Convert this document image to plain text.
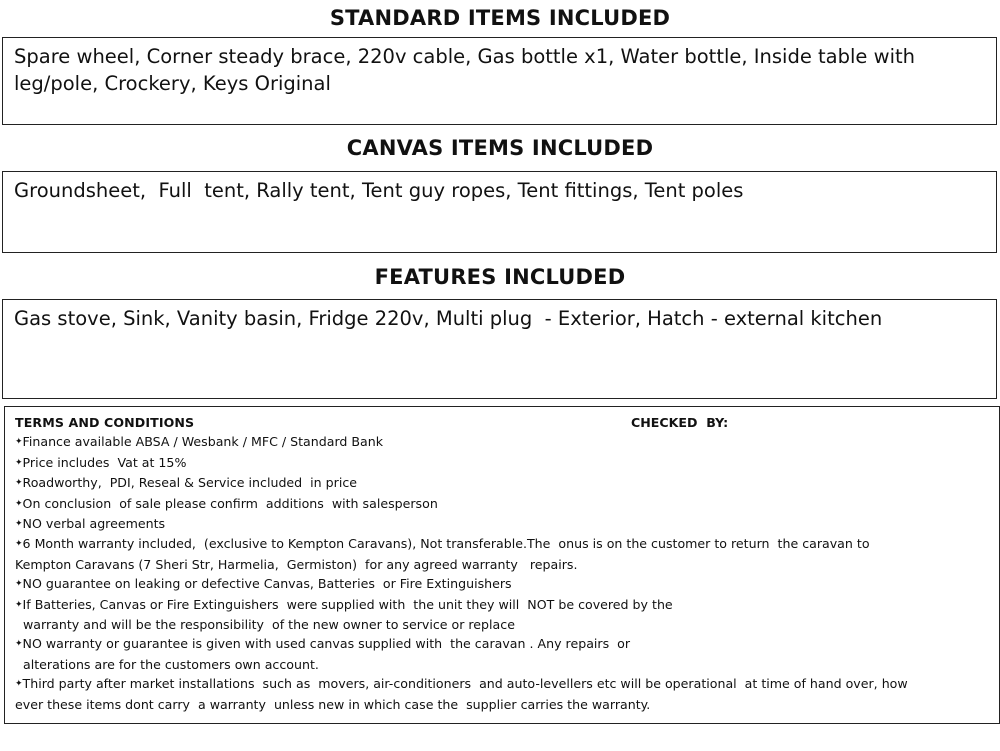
STANDARD ITEMS INCLUDED
Spare wheel, Corner steady brace, 220v cable, Gas bottle x1, Water bottle, Inside table with
leg/pole, Crockery, Keys Original
CANVAS ITEMS INCLUDED
Groundsheet,  Full  tent, Rally tent, Tent guy ropes, Tent fittings, Tent poles
FEATURES INCLUDED
Gas stove, Sink, Vanity basin, Fridge 220v, Multi plug  - Exterior, Hatch - external kitchen
TERMS AND CONDITIONS	CHECKED  BY:
✦Finance available ABSA / Wesbank / MFC / Standard Bank
✦Price includes  Vat at 15%
✦Roadworthy,  PDI, Reseal & Service included  in price
✦On conclusion  of sale please confirm  additions  with salesperson
✦NO verbal agreements
✦6 Month warranty included,  (exclusive to Kempton Caravans), Not transferable.The  onus is on the customer to return  the caravan to
Kempton Caravans (7 Sheri Str, Harmelia,  Germiston)  for any agreed warranty   repairs.
✦NO guarantee on leaking or defective Canvas, Batteries  or Fire Extinguishers
✦If Batteries, Canvas or Fire Extinguishers  were supplied with  the unit they will  NOT be covered by the
warranty and will be the responsibility  of the new owner to service or replace
✦NO warranty or guarantee is given with used canvas supplied with  the caravan . Any repairs  or
alterations are for the customers own account.
✦Third party after market installations  such as  movers, air-conditioners  and auto-levellers etc will be operational  at time of hand over, how
ever these items dont carry  a warranty  unless new in which case the  supplier carries the warranty.
